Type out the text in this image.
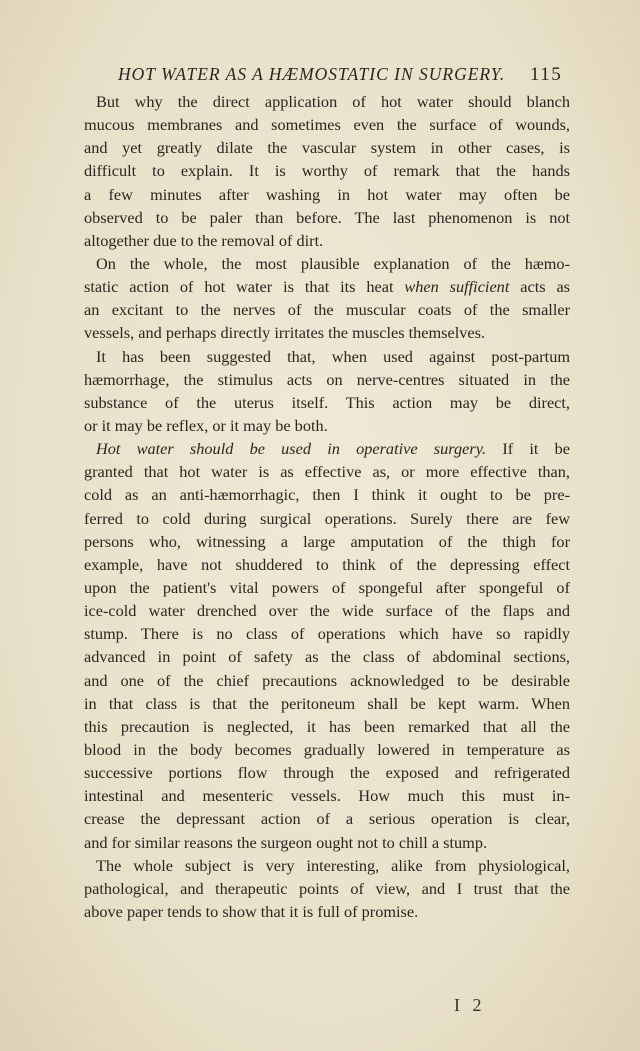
HOT WATER AS A HÆMOSTATIC IN SURGERY. 115
But why the direct application of hot water should blanch
mucous membranes and sometimes even the surface of wounds,
and yet greatly dilate the vascular system in other cases, is
difficult to explain. It is worthy of remark that the hands
a few minutes after washing in hot water may often be
observed to be paler than before. The last phenomenon is not
altogether due to the removal of dirt.
On the whole, the most plausible explanation of the hæmo-
static action of hot water is that its heat when sufficient acts as
an excitant to the nerves of the muscular coats of the smaller
vessels, and perhaps directly irritates the muscles themselves.
It has been suggested that, when used against post-partum
hæmorrhage, the stimulus acts on nerve-centres situated in the
substance of the uterus itself. This action may be direct,
or it may be reflex, or it may be both.
Hot water should be used in operative surgery. If it be
granted that hot water is as effective as, or more effective than,
cold as an anti-hæmorrhagic, then I think it ought to be pre-
ferred to cold during surgical operations. Surely there are few
persons who, witnessing a large amputation of the thigh for
example, have not shuddered to think of the depressing effect
upon the patient's vital powers of spongeful after spongeful of
ice-cold water drenched over the wide surface of the flaps and
stump. There is no class of operations which have so rapidly
advanced in point of safety as the class of abdominal sections,
and one of the chief precautions acknowledged to be desirable
in that class is that the peritoneum shall be kept warm. When
this precaution is neglected, it has been remarked that all the
blood in the body becomes gradually lowered in temperature as
successive portions flow through the exposed and refrigerated
intestinal and mesenteric vessels. How much this must in-
crease the depressant action of a serious operation is clear,
and for similar reasons the surgeon ought not to chill a stump.
The whole subject is very interesting, alike from physiological,
pathological, and therapeutic points of view, and I trust that the
above paper tends to show that it is full of promise.
I 2
